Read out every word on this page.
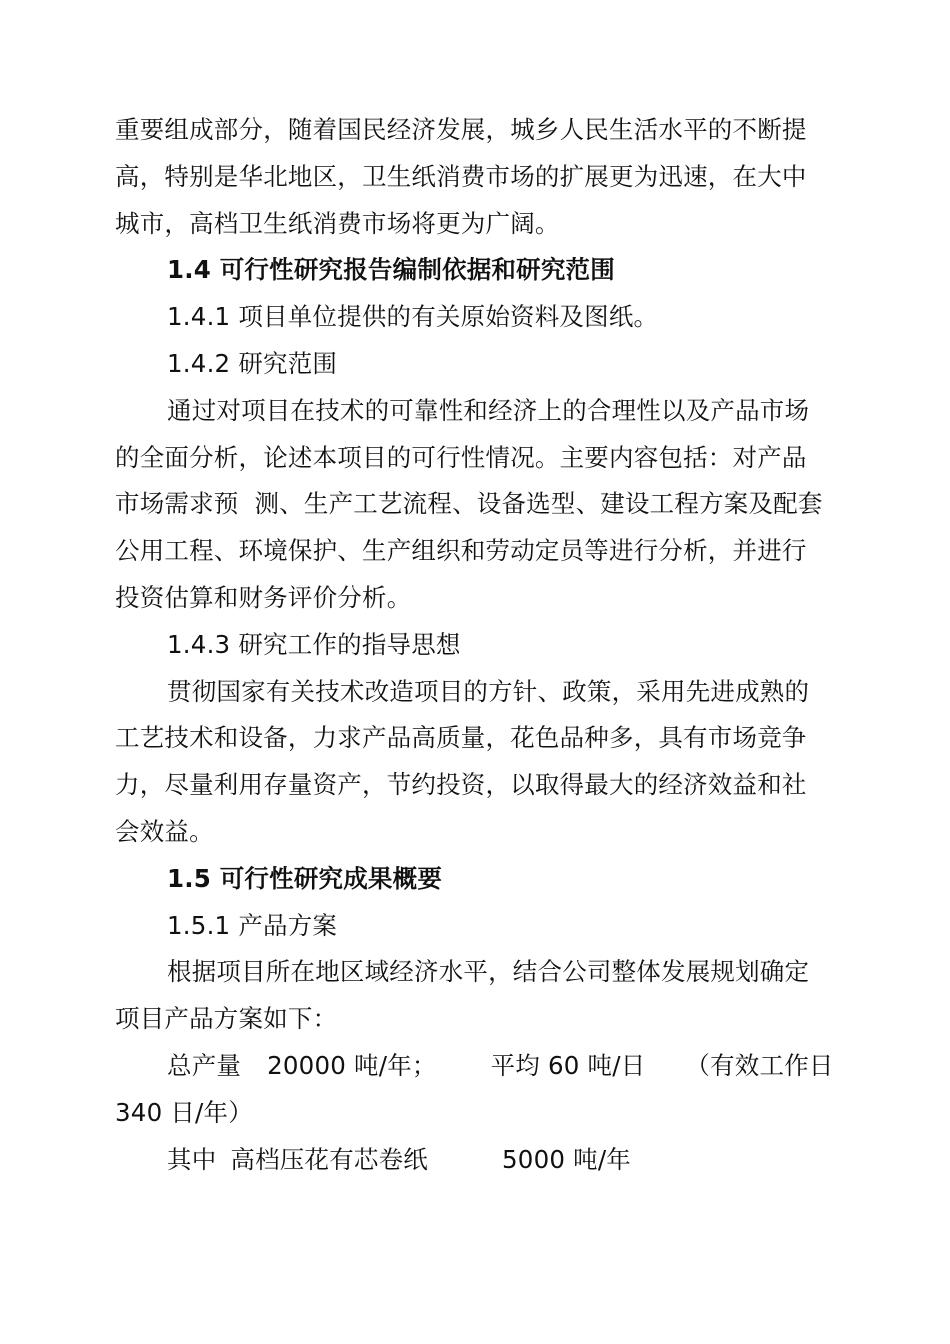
重要组成部分，随着国民经济发展，城乡人民生活水平的不断提
高，特别是华北地区，卫生纸消费市场的扩展更为迅速，在大中
城市，高档卫生纸消费市场将更为广阔。
1.4 可行性研究报告编制依据和研究范围
1.4.1 项目单位提供的有关原始资料及图纸。
1.4.2 研究范围
通过对项目在技术的可靠性和经济上的合理性以及产品市场
的全面分析，论述本项目的可行性情况。主要内容包括：对产品
市场需求预  测、生产工艺流程、设备选型、建设工程方案及配套
公用工程、环境保护、生产组织和劳动定员等进行分析，并进行
投资估算和财务评价分析。
1.4.3 研究工作的指导思想
贯彻国家有关技术改造项目的方针、政策，采用先进成熟的
工艺技术和设备，力求产品高质量，花色品种多，具有市场竞争
力，尽量利用存量资产，节约投资，以取得最大的经济效益和社
会效益。
1.5 可行性研究成果概要
1.5.1 产品方案
根据项目所在地区域经济水平，结合公司整体发展规划确定
项目产品方案如下：
总产量 20000 吨/年； 平均 60 吨/日 （有效工作日
340 日/年）
其中 高档压花有芯卷纸	5000 吨/年
